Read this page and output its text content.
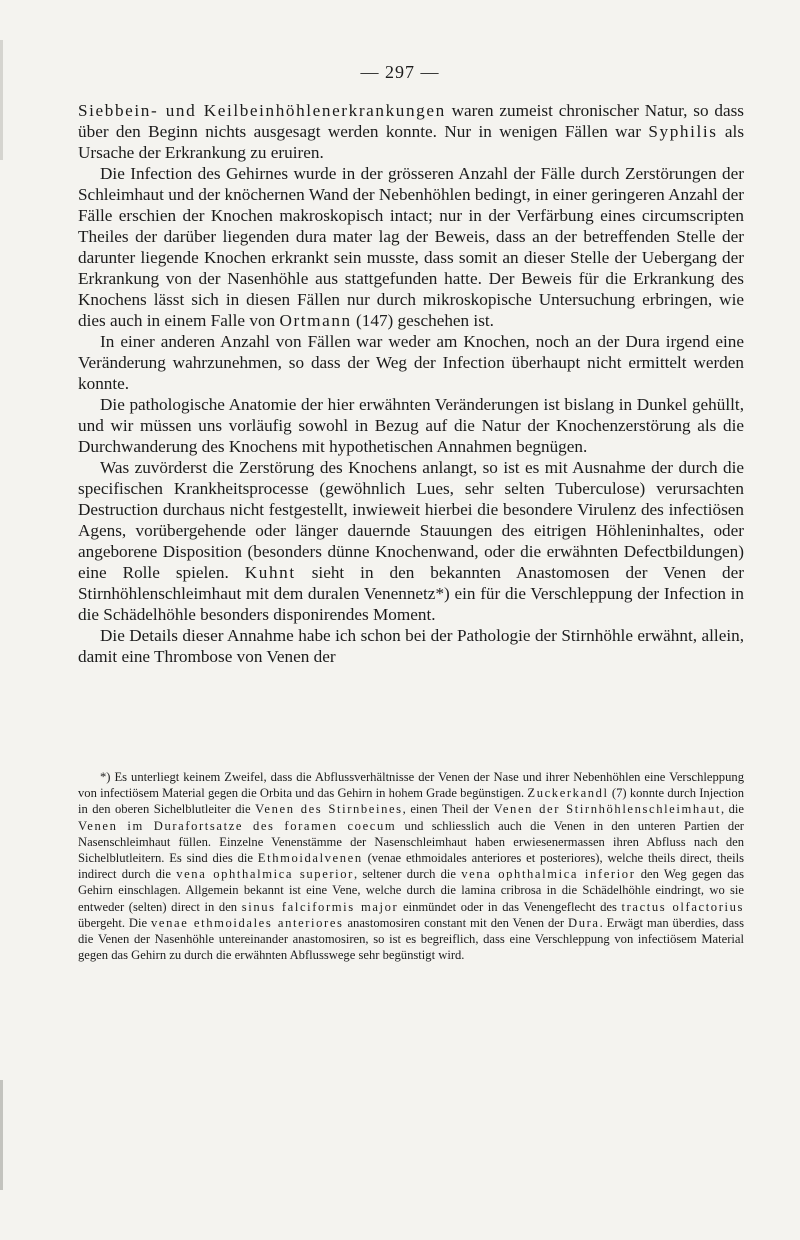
— 297 —

Siebbein- und Keilbeinhöhlenerkrankungen waren zumeist chronischer Natur, so dass über den Beginn nichts ausgesagt werden konnte. Nur in wenigen Fällen war Syphilis als Ursache der Erkrankung zu eruiren.

Die Infection des Gehirnes wurde in der grösseren Anzahl der Fälle durch Zerstörungen der Schleimhaut und der knöchernen Wand der Nebenhöhlen bedingt, in einer geringeren Anzahl der Fälle erschien der Knochen makroskopisch intact; nur in der Verfärbung eines circumscripten Theiles der darüber liegenden dura mater lag der Beweis, dass an der betreffenden Stelle der darunter liegende Knochen erkrankt sein musste, dass somit an dieser Stelle der Uebergang der Erkrankung von der Nasenhöhle aus stattgefunden hatte. Der Beweis für die Erkrankung des Knochens lässt sich in diesen Fällen nur durch mikroskopische Untersuchung erbringen, wie dies auch in einem Falle von Ortmann (147) geschehen ist.

In einer anderen Anzahl von Fällen war weder am Knochen, noch an der Dura irgend eine Veränderung wahrzunehmen, so dass der Weg der Infection überhaupt nicht ermittelt werden konnte.

Die pathologische Anatomie der hier erwähnten Veränderungen ist bislang in Dunkel gehüllt, und wir müssen uns vorläufig sowohl in Bezug auf die Natur der Knochenzerstörung als die Durchwanderung des Knochens mit hypothetischen Annahmen begnügen.

Was zuvörderst die Zerstörung des Knochens anlangt, so ist es mit Ausnahme der durch die specifischen Krankheitsprocesse (gewöhnlich Lues, sehr selten Tuberculose) verursachten Destruction durchaus nicht festgestellt, inwieweit hierbei die besondere Virulenz des infectiösen Agens, vorübergehende oder länger dauernde Stauungen des eitrigen Höhleninhaltes, oder angeborene Disposition (besonders dünne Knochenwand, oder die erwähnten Defectbildungen) eine Rolle spielen. Kuhnt sieht in den bekannten Anastomosen der Venen der Stirnhöhlenschleimhaut mit dem duralen Venennetz*) ein für die Verschleppung der Infection in die Schädelhöhle besonders disponirendes Moment.

Die Details dieser Annahme habe ich schon bei der Pathologie der Stirnhöhle erwähnt, allein, damit eine Thrombose von Venen der

*) Es unterliegt keinem Zweifel, dass die Abflussverhältnisse der Venen der Nase und ihrer Nebenhöhlen eine Verschleppung von infectiösem Material gegen die Orbita und das Gehirn in hohem Grade begünstigen. Zuckerkandl (7) konnte durch Injection in den oberen Sichelblutleiter die Venen des Stirnbeines, einen Theil der Venen der Stirnhöhlenschleimhaut, die Venen im Durafortsatze des foramen coecum und schliesslich auch die Venen in den unteren Partien der Nasenschleimhaut füllen. Einzelne Venenstämme der Nasenschleimhaut haben erwiesenermassen ihren Abfluss nach den Sichelblutleitern. Es sind dies die Ethmoidalvenen (venae ethmoidales anteriores et posteriores), welche theils direct, theils indirect durch die vena ophthalmica superior, seltener durch die vena ophthalmica inferior den Weg gegen das Gehirn einschlagen. Allgemein bekannt ist eine Vene, welche durch die lamina cribrosa in die Schädelhöhle eindringt, wo sie entweder (selten) direct in den sinus falciformis major einmündet oder in das Venengeflecht des tractus olfactorius übergeht. Die venae ethmoidales anteriores anastomosiren constant mit den Venen der Dura. Erwägt man überdies, dass die Venen der Nasenhöhle untereinander anastomosiren, so ist es begreiflich, dass eine Verschleppung von infectiösem Material gegen das Gehirn zu durch die erwähnten Abflusswege sehr begünstigt wird.
